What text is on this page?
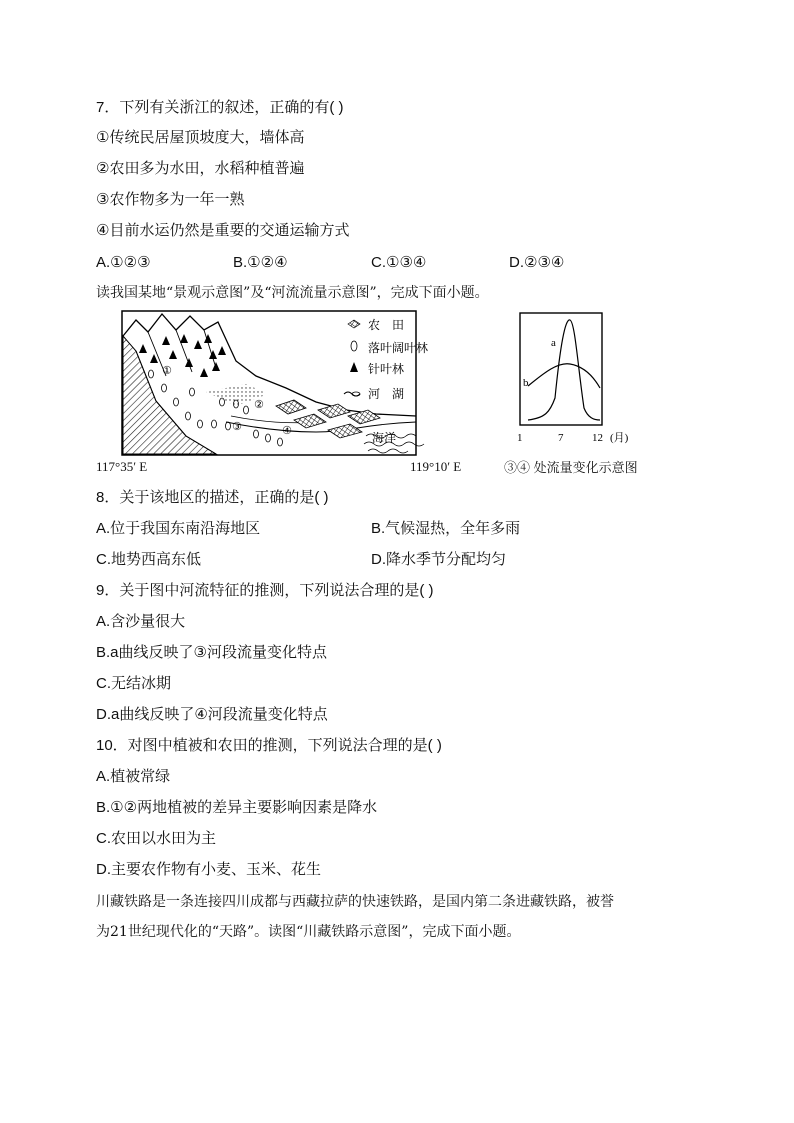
7．下列有关浙江的叙述，正确的有( )
①传统民居屋顶坡度大，墙体高
②农田多为水田，水稻种植普遍
③农作物多为一年一熟
④目前水运仍然是重要的交通运输方式
A.①②③	B.①②④	C.①③④	D.②③④
读我国某地“景观示意图”及“河流流量示意图”，完成下面小题。
海洋
①
②
③	④
农　田
落叶阔叶林
针叶林
河　湖
117°35′ E	119°10′ E
a
b
1	7	12 (月)
③④ 处流量变化示意图
8．关于该地区的描述，正确的是( )
A.位于我国东南沿海地区	B.气候湿热，全年多雨
C.地势西高东低	D.降水季节分配均匀
9．关于图中河流特征的推测，下列说法合理的是( )
A.含沙量很大
B.a曲线反映了③河段流量变化特点
C.无结冰期
D.a曲线反映了④河段流量变化特点
10．对图中植被和农田的推测，下列说法合理的是( )
A.植被常绿
B.①②两地植被的差异主要影响因素是降水
C.农田以水田为主
D.主要农作物有小麦、玉米、花生
川藏铁路是一条连接四川成都与西藏拉萨的快速铁路，是国内第二条进藏铁路，被誉
为21世纪现代化的“天路”。读图“川藏铁路示意图”，完成下面小题。
